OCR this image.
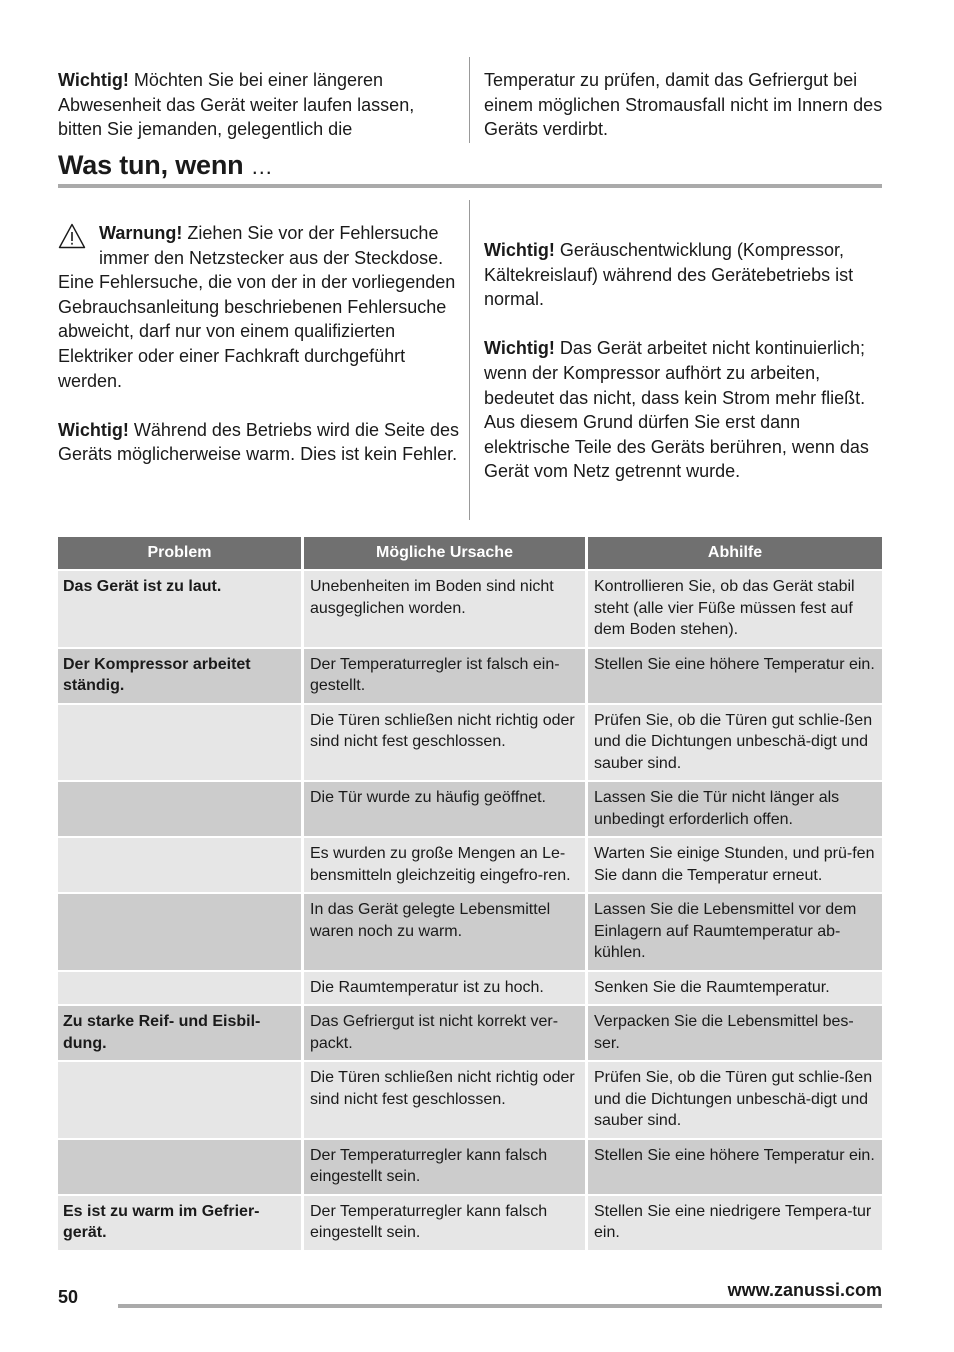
Wichtig! Möchten Sie bei einer längeren Abwesenheit das Gerät weiter laufen lassen, bitten Sie jemanden, gelegentlich die

Temperatur zu prüfen, damit das Gefriergut bei einem möglichen Stromausfall nicht im Innern des Geräts verdirbt.

Was tun, wenn …
Warnung! Ziehen Sie vor der Fehlersuche immer den Netzstecker aus der Steckdose.

Eine Fehlersuche, die von der in der vorliegenden Gebrauchsanleitung beschriebenen Fehlersuche abweicht, darf nur von einem qualifizierten Elektriker oder einer Fachkraft durchgeführt werden.

Wichtig! Während des Betriebs wird die Seite des Geräts möglicherweise warm. Dies ist kein Fehler.

Wichtig! Geräuschentwicklung (Kompressor, Kältekreislauf) während des Gerätebetriebs ist normal.

Wichtig! Das Gerät arbeitet nicht kontinuierlich; wenn der Kompressor aufhört zu arbeiten, bedeutet das nicht, dass kein Strom mehr fließt. Aus diesem Grund dürfen Sie erst dann elektrische Teile des Geräts berühren, wenn das Gerät vom Netz getrennt wurde.

Problem	Mögliche Ursache	Abhilfe
Das Gerät ist zu laut.	Unebenheiten im Boden sind nicht ausgeglichen worden.	Kontrollieren Sie, ob das Gerät stabil steht (alle vier Füße müssen fest auf dem Boden stehen).
Der Kompressor arbeitet ständig.	Der Temperaturregler ist falsch ein-gestellt.	Stellen Sie eine höhere Temperatur ein.
	Die Türen schließen nicht richtig oder sind nicht fest geschlossen.	Prüfen Sie, ob die Türen gut schlie-ßen und die Dichtungen unbeschä-digt und sauber sind.
	Die Tür wurde zu häufig geöffnet.	Lassen Sie die Tür nicht länger als unbedingt erforderlich offen.
	Es wurden zu große Mengen an Le-bensmitteln gleichzeitig eingefro-ren.	Warten Sie einige Stunden, und prü-fen Sie dann die Temperatur erneut.
	In das Gerät gelegte Lebensmittel waren noch zu warm.	Lassen Sie die Lebensmittel vor dem Einlagern auf Raumtemperatur ab-kühlen.
	Die Raumtemperatur ist zu hoch.	Senken Sie die Raumtemperatur.
Zu starke Reif- und Eisbil-dung.	Das Gefriergut ist nicht korrekt ver-packt.	Verpacken Sie die Lebensmittel bes-ser.
	Die Türen schließen nicht richtig oder sind nicht fest geschlossen.	Prüfen Sie, ob die Türen gut schlie-ßen und die Dichtungen unbeschä-digt und sauber sind.
	Der Temperaturregler kann falsch eingestellt sein.	Stellen Sie eine höhere Temperatur ein.
Es ist zu warm im Gefrier-gerät.	Der Temperaturregler kann falsch eingestellt sein.	Stellen Sie eine niedrigere Tempera-tur ein.
50	www.zanussi.com
